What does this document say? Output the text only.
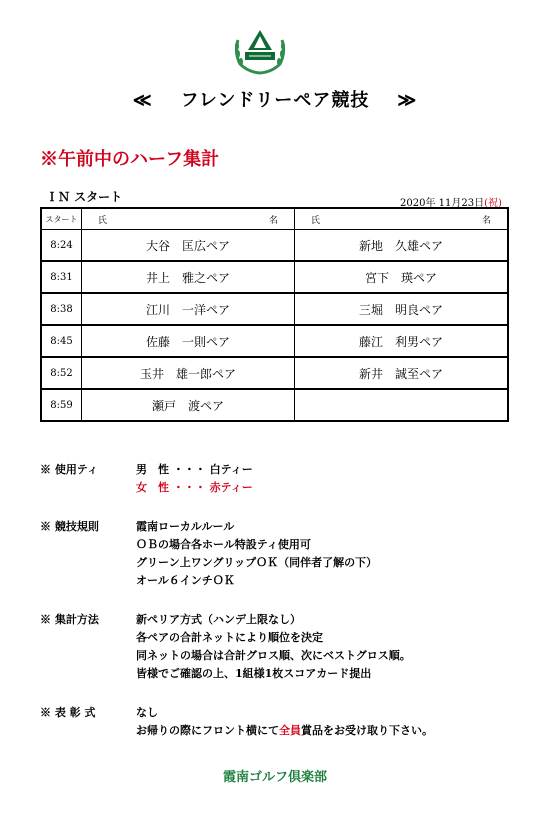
≪ フレンドリーペア競技 ≫
※午前中のハーフ集計
ＩＮ スタート	2020年 11月23日(祝)
スタート	氏 名	氏 名
8:24	大谷　匡広ペア	新地　久雄ペア
8:31	井上　雅之ペア	宮下　瑛ペア
8:38	江川　一洋ペア	三堀　明良ペア
8:45	佐藤　一則ペア	藤江　利男ペア
8:52	玉井　雄一郎ペア	新井　誠至ペア
8:59	瀬戸　渡ペア	
※ 使用ティ	男　性 ・・・ 白ティー
女　性 ・・・ 赤ティー
※ 競技規則	霞南ローカルルール
ＯＢの場合各ホール特設ティ使用可
グリーン上ワングリップＯＫ（同伴者了解の下）
オール６インチＯＫ
※ 集計方法	新ペリア方式（ハンデ上限なし）
各ペアの合計ネットにより順位を決定
同ネットの場合は合計グロス順、次にベストグロス順。
皆様でご確認の上、1組様1枚スコアカード提出
※ 表 彰 式	なし
お帰りの際にフロント横にて全員賞品をお受け取り下さい。
霞南ゴルフ倶楽部
